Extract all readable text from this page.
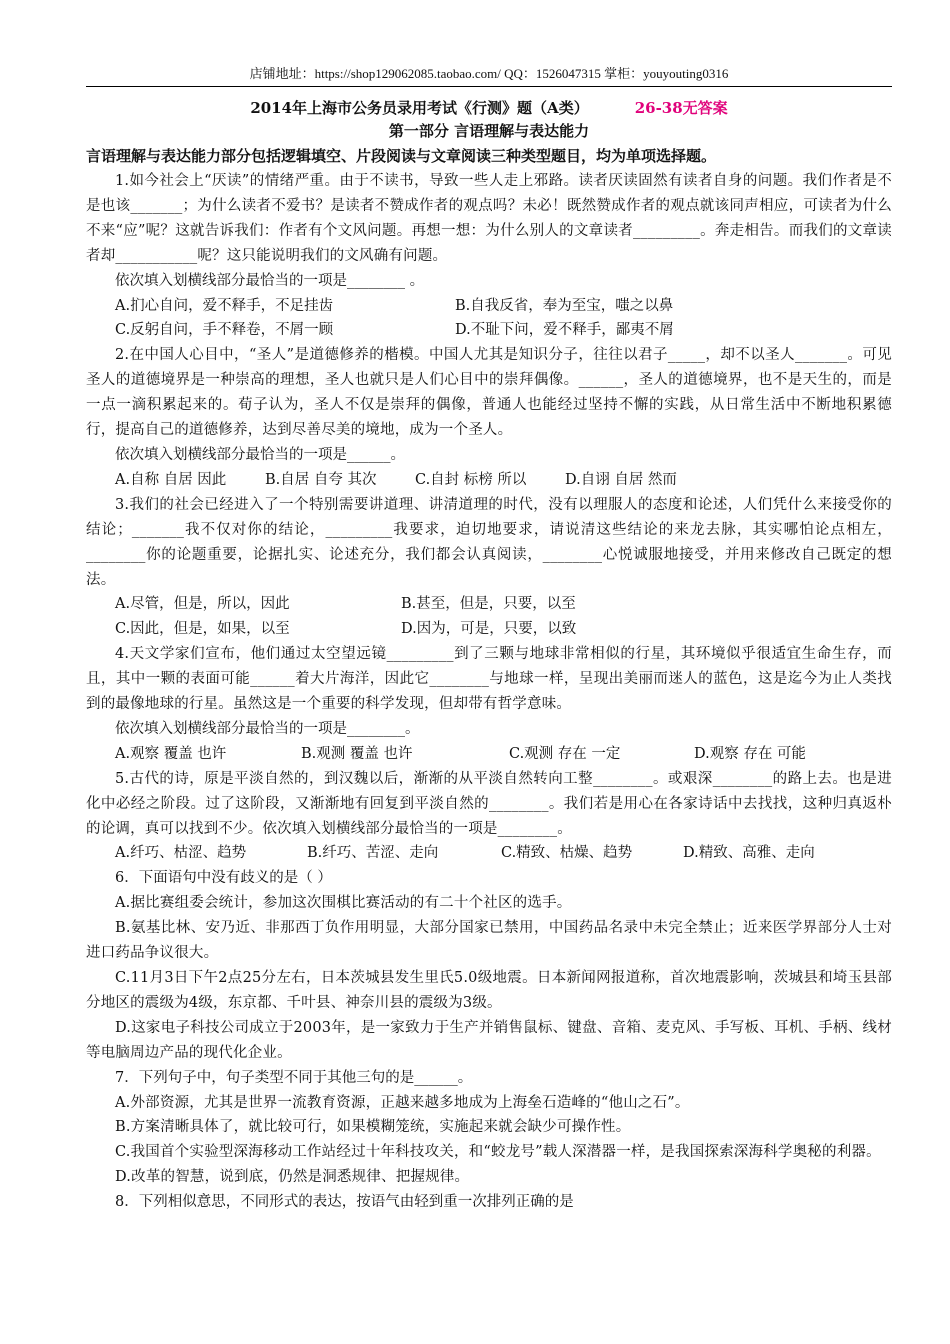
店铺地址：https://shop129062085.taobao.com/ QQ：1526047315 掌柜：youyouting0316
2014年上海市公务员录用考试《行测》题（A类）	26-38无答案
第一部分 言语理解与表达能力
言语理解与表达能力部分包括逻辑填空、片段阅读与文章阅读三种类型题目，均为单项选择题。

1.如今社会上“厌读”的情绪严重。由于不读书，导致一些人走上邪路。读者厌读固然有读者自身的问题。我们作者是不是也该_______；为什么读者不爱书？是读者不赞成作者的观点吗？未必！既然赞成作者的观点就该同声相应，可读者为什么不来“应”呢？这就告诉我们：作者有个文风问题。再想一想：为什么别人的文章读者_________。奔走相告。而我们的文章读者却___________呢？这只能说明我们的文风确有问题。

依次填入划横线部分最恰当的一项是________ 。

A.扪心自问，爱不释手，不足挂齿	B.自我反省，奉为至宝，嗤之以鼻
C.反躬自问，手不释卷，不屑一顾	D.不耻下问，爱不释手，鄙夷不屑

2.在中国人心目中，“圣人”是道德修养的楷模。中国人尤其是知识分子，往往以君子_____，却不以圣人_______。可见圣人的道德境界是一种崇高的理想，圣人也就只是人们心目中的崇拜偶像。______，圣人的道德境界，也不是天生的，而是一点一滴积累起来的。荀子认为，圣人不仅是崇拜的偶像，普通人也能经过坚持不懈的实践，从日常生活中不断地积累德行，提高自己的道德修养，达到尽善尽美的境地，成为一个圣人。

依次填入划横线部分最恰当的一项是______。

A.自称 自居 因此	B.自居 自夸 其次	C.自封 标榜 所以	D.自诩 自居 然而

3.我们的社会已经进入了一个特别需要讲道理、讲清道理的时代，没有以理服人的态度和论述，人们凭什么来接受你的结论；_______我不仅对你的结论，_________我要求，迫切地要求，请说清这些结论的来龙去脉，其实哪怕论点相左，________你的论题重要，论据扎实、论述充分，我们都会认真阅读，________心悦诚服地接受，并用来修改自己既定的想法。

A.尽管，但是，所以，因此	B.甚至，但是，只要，以至
C.因此，但是，如果，以至	D.因为，可是，只要，以致

4.天文学家们宣布，他们通过太空望远镜_________到了三颗与地球非常相似的行星，其环境似乎很适宜生命生存，而且，其中一颗的表面可能______着大片海洋，因此它________与地球一样，呈现出美丽而迷人的蓝色，这是迄今为止人类找到的最像地球的行星。虽然这是一个重要的科学发现，但却带有哲学意味。

依次填入划横线部分最恰当的一项是________。

A.观察 覆盖 也许	B.观测 覆盖 也许	C.观测 存在 一定	D.观察 存在 可能

5.古代的诗，原是平淡自然的，到汉魏以后，渐渐的从平淡自然转向工整________。或艰深________的路上去。也是进化中必经之阶段。过了这阶段，又渐渐地有回复到平淡自然的________。我们若是用心在各家诗话中去找找，这种归真返朴的论调，真可以找到不少。依次填入划横线部分最恰当的一项是________。

A.纤巧、枯涩、趋势	B.纤巧、苦涩、走向	C.精致、枯燥、趋势	D.精致、高雅、走向

6．下面语句中没有歧义的是（ ）

A.据比赛组委会统计，参加这次围棋比赛活动的有二十个社区的选手。

B.氨基比林、安乃近、非那西丁负作用明显，大部分国家已禁用，中国药品名录中未完全禁止；近来医学界部分人士对进口药品争议很大。

C.11月3日下午2点25分左右，日本茨城县发生里氏5.0级地震。日本新闻网报道称，首次地震影响，茨城县和埼玉县部分地区的震级为4级，东京都、千叶县、神奈川县的震级为3级。

D.这家电子科技公司成立于2003年，是一家致力于生产并销售鼠标、键盘、音箱、麦克风、手写板、耳机、手柄、线材等电脑周边产品的现代化企业。

7．下列句子中，句子类型不同于其他三句的是______。

A.外部资源，尤其是世界一流教育资源，正越来越多地成为上海垒石造峰的“他山之石”。

B.方案清晰具体了，就比较可行，如果模糊笼统，实施起来就会缺少可操作性。

C.我国首个实验型深海移动工作站经过十年科技攻关，和“蛟龙号”载人深潜器一样，是我国探索深海科学奥秘的利器。

D.改革的智慧，说到底，仍然是洞悉规律、把握规律。

8．下列相似意思，不同形式的表达，按语气由轻到重一次排列正确的是
